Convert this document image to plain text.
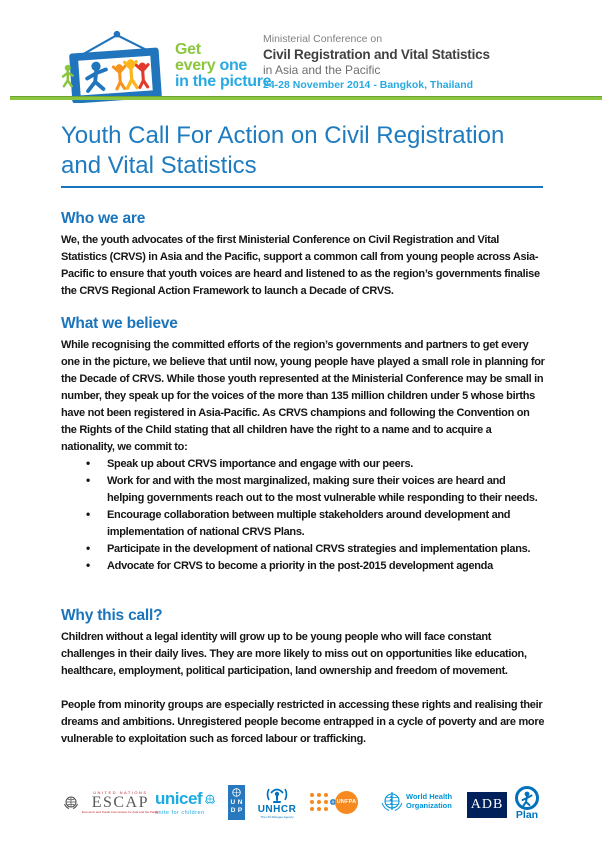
Get
every one
in the picture
Ministerial Conference on
Civil Registration and Vital Statistics
in Asia and the Pacific
24-28 November 2014 - Bangkok, Thailand
Youth Call For Action on Civil Registration and Vital Statistics
Who we are

We, the youth advocates of the first Ministerial Conference on Civil Registration and Vital Statistics (CRVS) in Asia and the Pacific, support a common call from young people across Asia-Pacific to ensure that youth voices are heard and listened to as the region’s governments finalise the CRVS Regional Action Framework to launch a Decade of CRVS.

What we believe

While recognising the committed efforts of the region’s governments and partners to get every one in the picture, we believe that until now, young people have played a small role in planning for the Decade of CRVS. While those youth represented at the Ministerial Conference may be small in number, they speak up for the voices of the more than 135 million children under 5 whose births have not been registered in Asia-Pacific. As CRVS champions and following the Convention on the Rights of the Child stating that all children have the right to a name and to acquire a nationality, we commit to:

• Speak up about CRVS importance and engage with our peers.
• Work for and with the most marginalized, making sure their voices are heard and helping governments reach out to the most vulnerable while responding to their needs.
• Encourage collaboration between multiple stakeholders around development and implementation of national CRVS Plans.
• Participate in the development of national CRVS strategies and implementation plans.
• Advocate for CRVS to become a priority in the post-2015 development agenda
Why this call?

Children without a legal identity will grow up to be young people who will face constant challenges in their daily lives. They are more likely to miss out on opportunities like education, healthcare, employment, political participation, land ownership and freedom of movement.

People from minority groups are especially restricted in accessing these rights and realising their dreams and ambitions. Unregistered people become entrapped in a cycle of poverty and are more vulnerable to exploitation such as forced labour or trafficking.

UNITED NATIONS
ESCAP
Economic and Social Commission for Asia and the Pacific
unicef
unite for children
UN
DP UNHCR
The UN Refugee Agency
UNFPA
World Health
Organization ADB
Plan
